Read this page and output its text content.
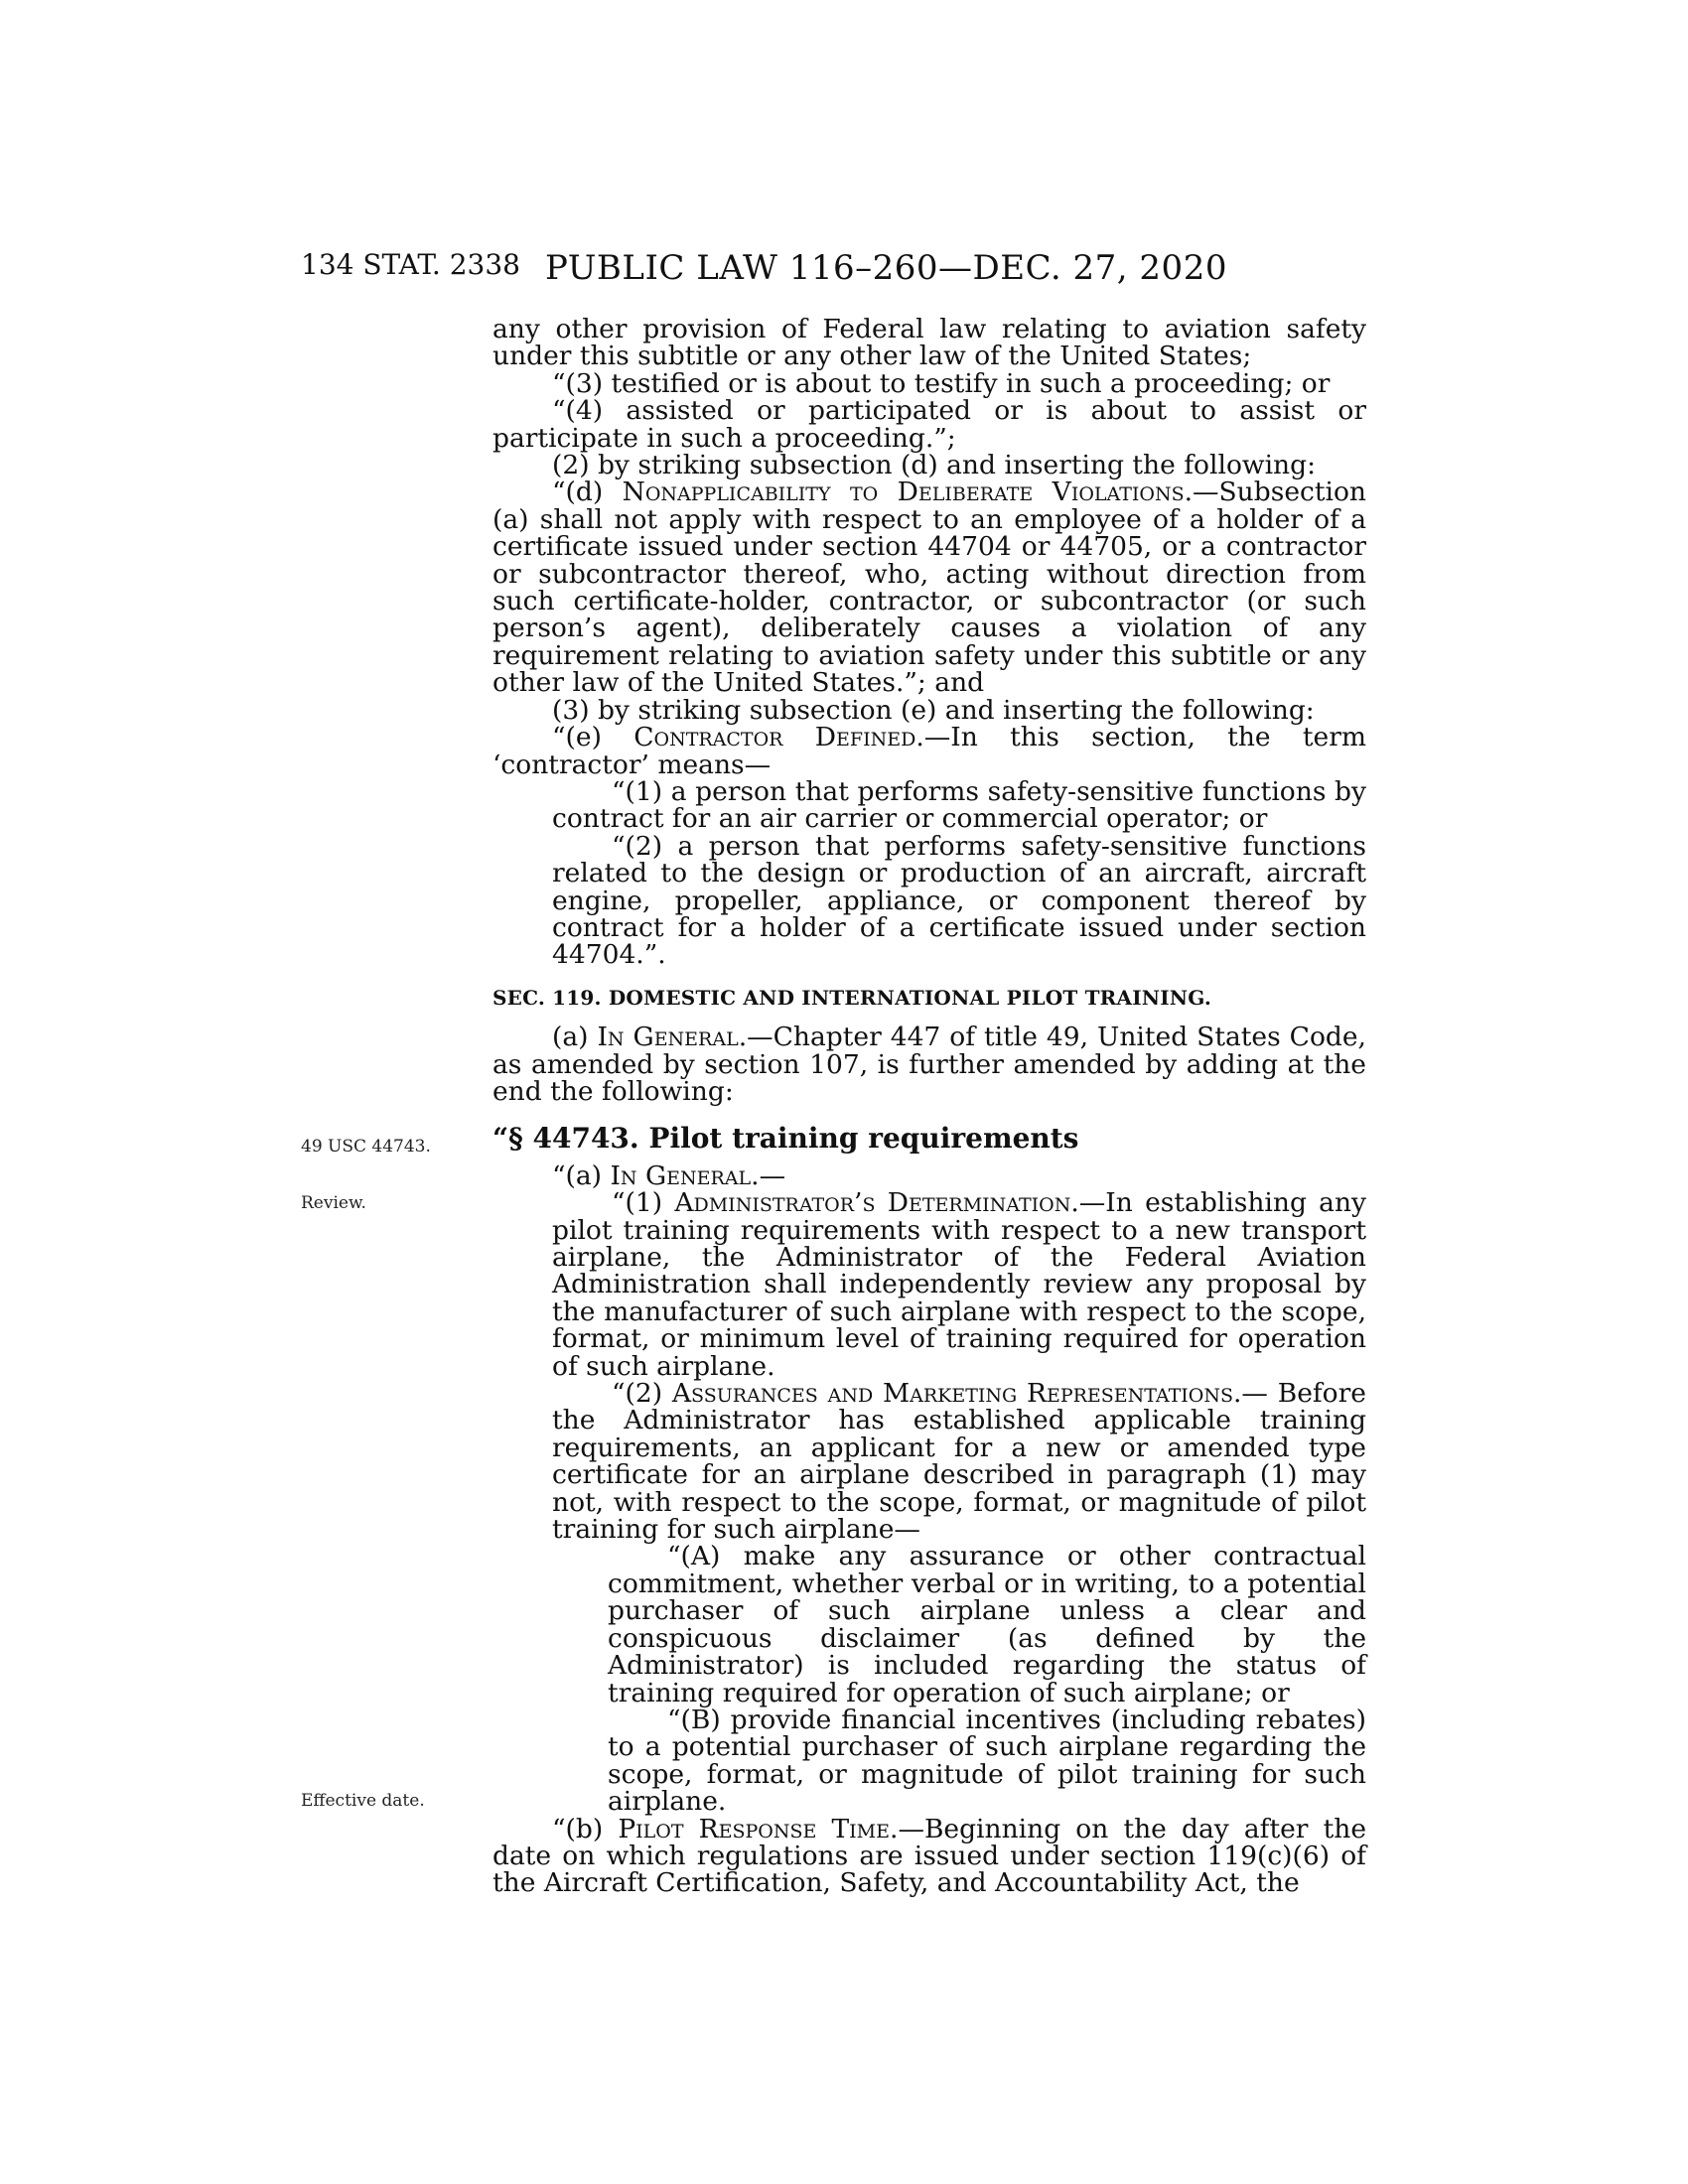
134 STAT. 2338 PUBLIC LAW 116–260—DEC. 27, 2020
49 USC 44743.
Review.
Effective date.

any other provision of Federal law relating to aviation safety under this subtitle or any other law of the United States;

“(3) testified or is about to testify in such a proceeding; or

“(4) assisted or participated or is about to assist or participate in such a proceeding.”;

(2) by striking subsection (d) and inserting the following:

“(d) Nonapplicability to Deliberate Violations.—Subsection (a) shall not apply with respect to an employee of a holder of a certificate issued under section 44704 or 44705, or a contractor or subcontractor thereof, who, acting without direction from such certificate-holder, contractor, or subcontractor (or such person’s agent), deliberately causes a violation of any requirement relating to aviation safety under this subtitle or any other law of the United States.”; and

(3) by striking subsection (e) and inserting the following:

“(e) Contractor Defined.—In this section, the term ‘contractor’ means—

“(1) a person that performs safety-sensitive functions by contract for an air carrier or commercial operator; or

“(2) a person that performs safety-sensitive functions related to the design or production of an aircraft, aircraft engine, propeller, appliance, or component thereof by contract for a holder of a certificate issued under section 44704.”.

SEC. 119. DOMESTIC AND INTERNATIONAL PILOT TRAINING.

(a) In General.—Chapter 447 of title 49, United States Code, as amended by section 107, is further amended by adding at the end the following:

“§ 44743. Pilot training requirements

“(a) In General.—

“(1) Administrator’s Determination.—In establishing any pilot training requirements with respect to a new transport airplane, the Administrator of the Federal Aviation Administration shall independently review any proposal by the manufacturer of such airplane with respect to the scope, format, or minimum level of training required for operation of such airplane.

“(2) Assurances and Marketing Representations.— Before the Administrator has established applicable training requirements, an applicant for a new or amended type certificate for an airplane described in paragraph (1) may not, with respect to the scope, format, or magnitude of pilot training for such airplane—

“(A) make any assurance or other contractual commitment, whether verbal or in writing, to a potential purchaser of such airplane unless a clear and conspicuous disclaimer (as defined by the Administrator) is included regarding the status of training required for operation of such airplane; or

“(B) provide financial incentives (including rebates) to a potential purchaser of such airplane regarding the scope, format, or magnitude of pilot training for such airplane.

“(b) Pilot Response Time.—Beginning on the day after the date on which regulations are issued under section 119(c)(6) of the Aircraft Certification, Safety, and Accountability Act, the
